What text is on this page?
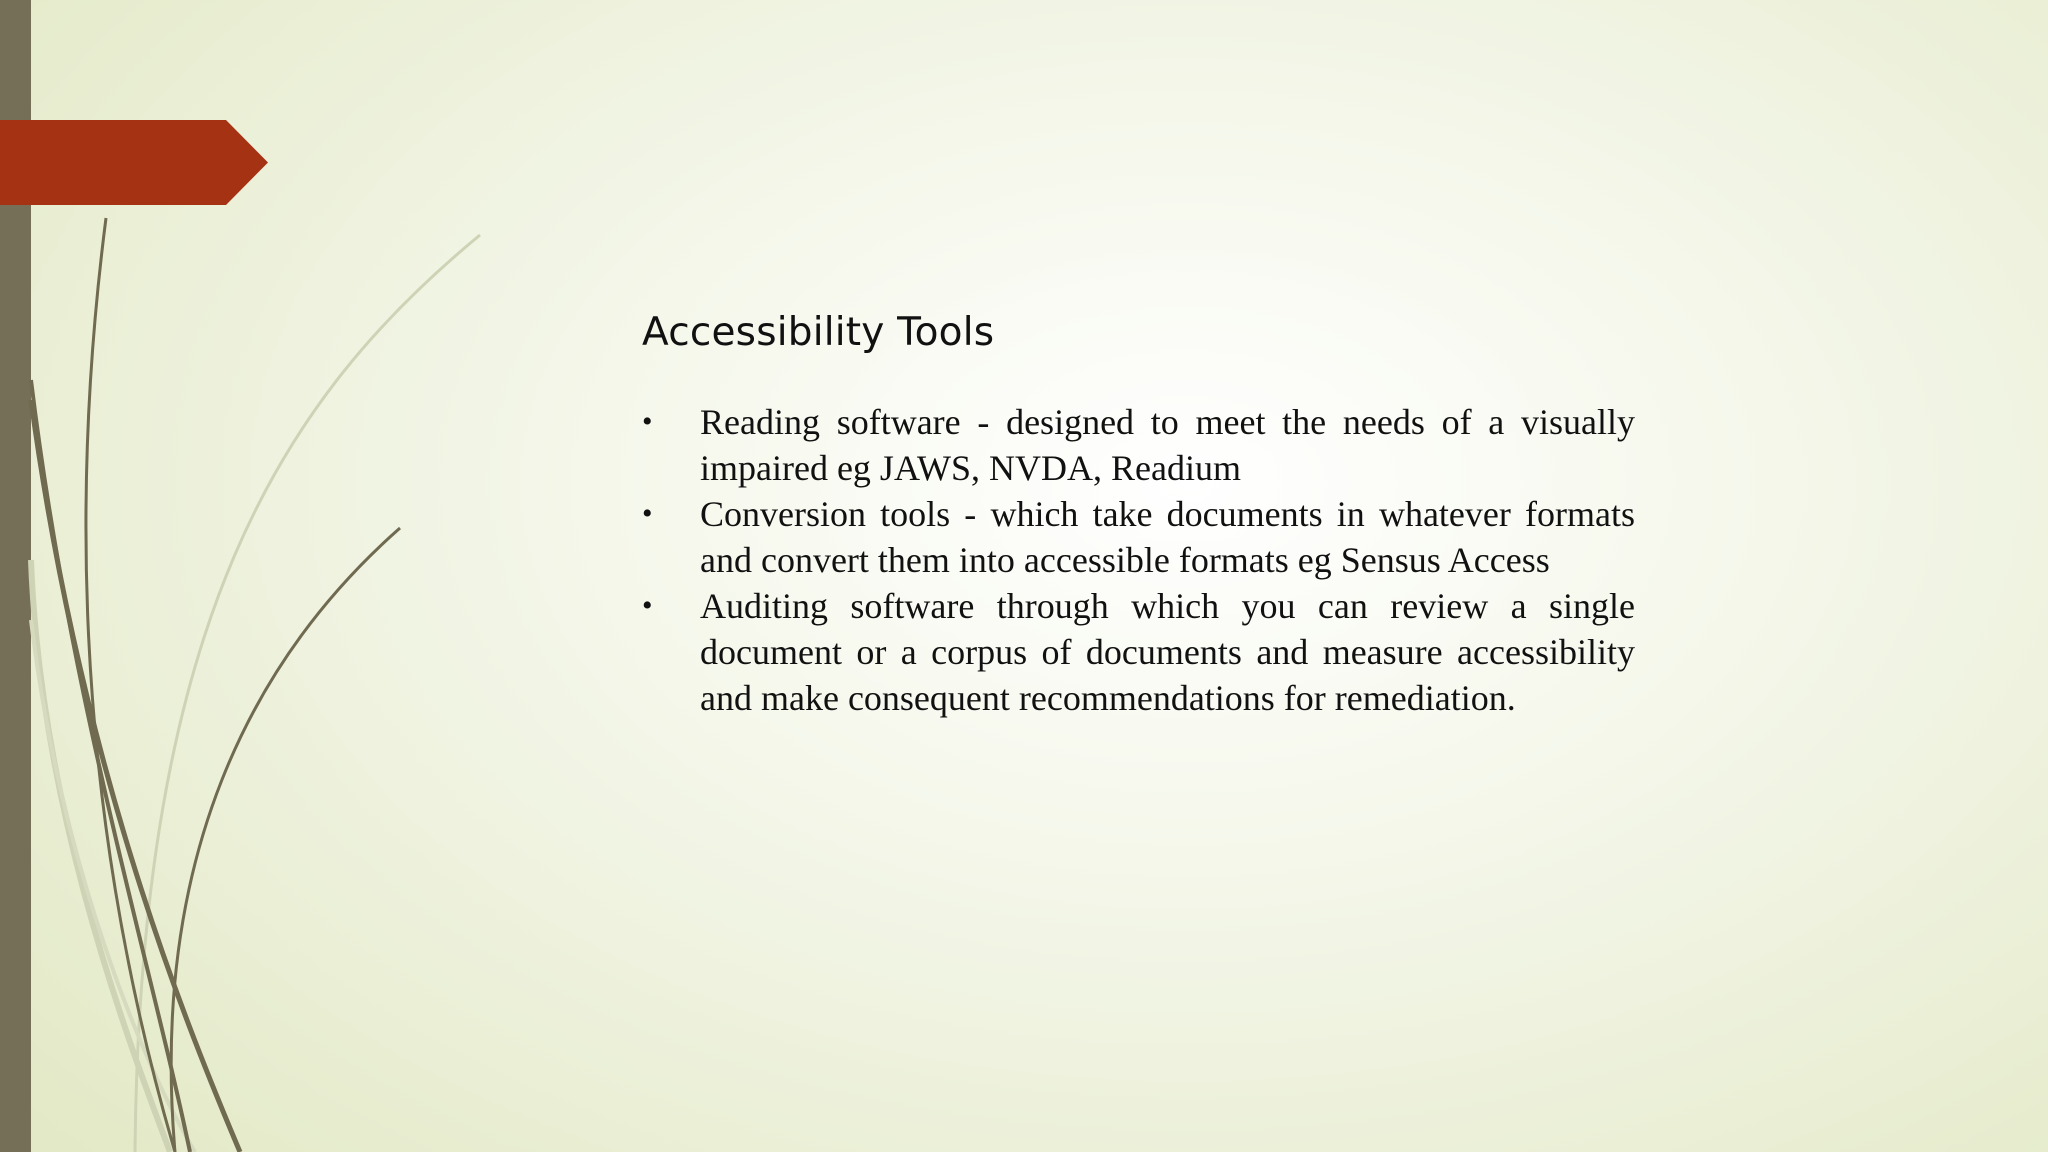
Accessibility Tools
• Reading software - designed to meet the needs of a visually impaired eg JAWS, NVDA, Readium
• Conversion tools - which take documents in whatever formats and convert them into accessible formats eg Sensus Access
• Auditing software through which you can review a single document or a corpus of documents and measure accessibility and make consequent recommendations for remediation.
